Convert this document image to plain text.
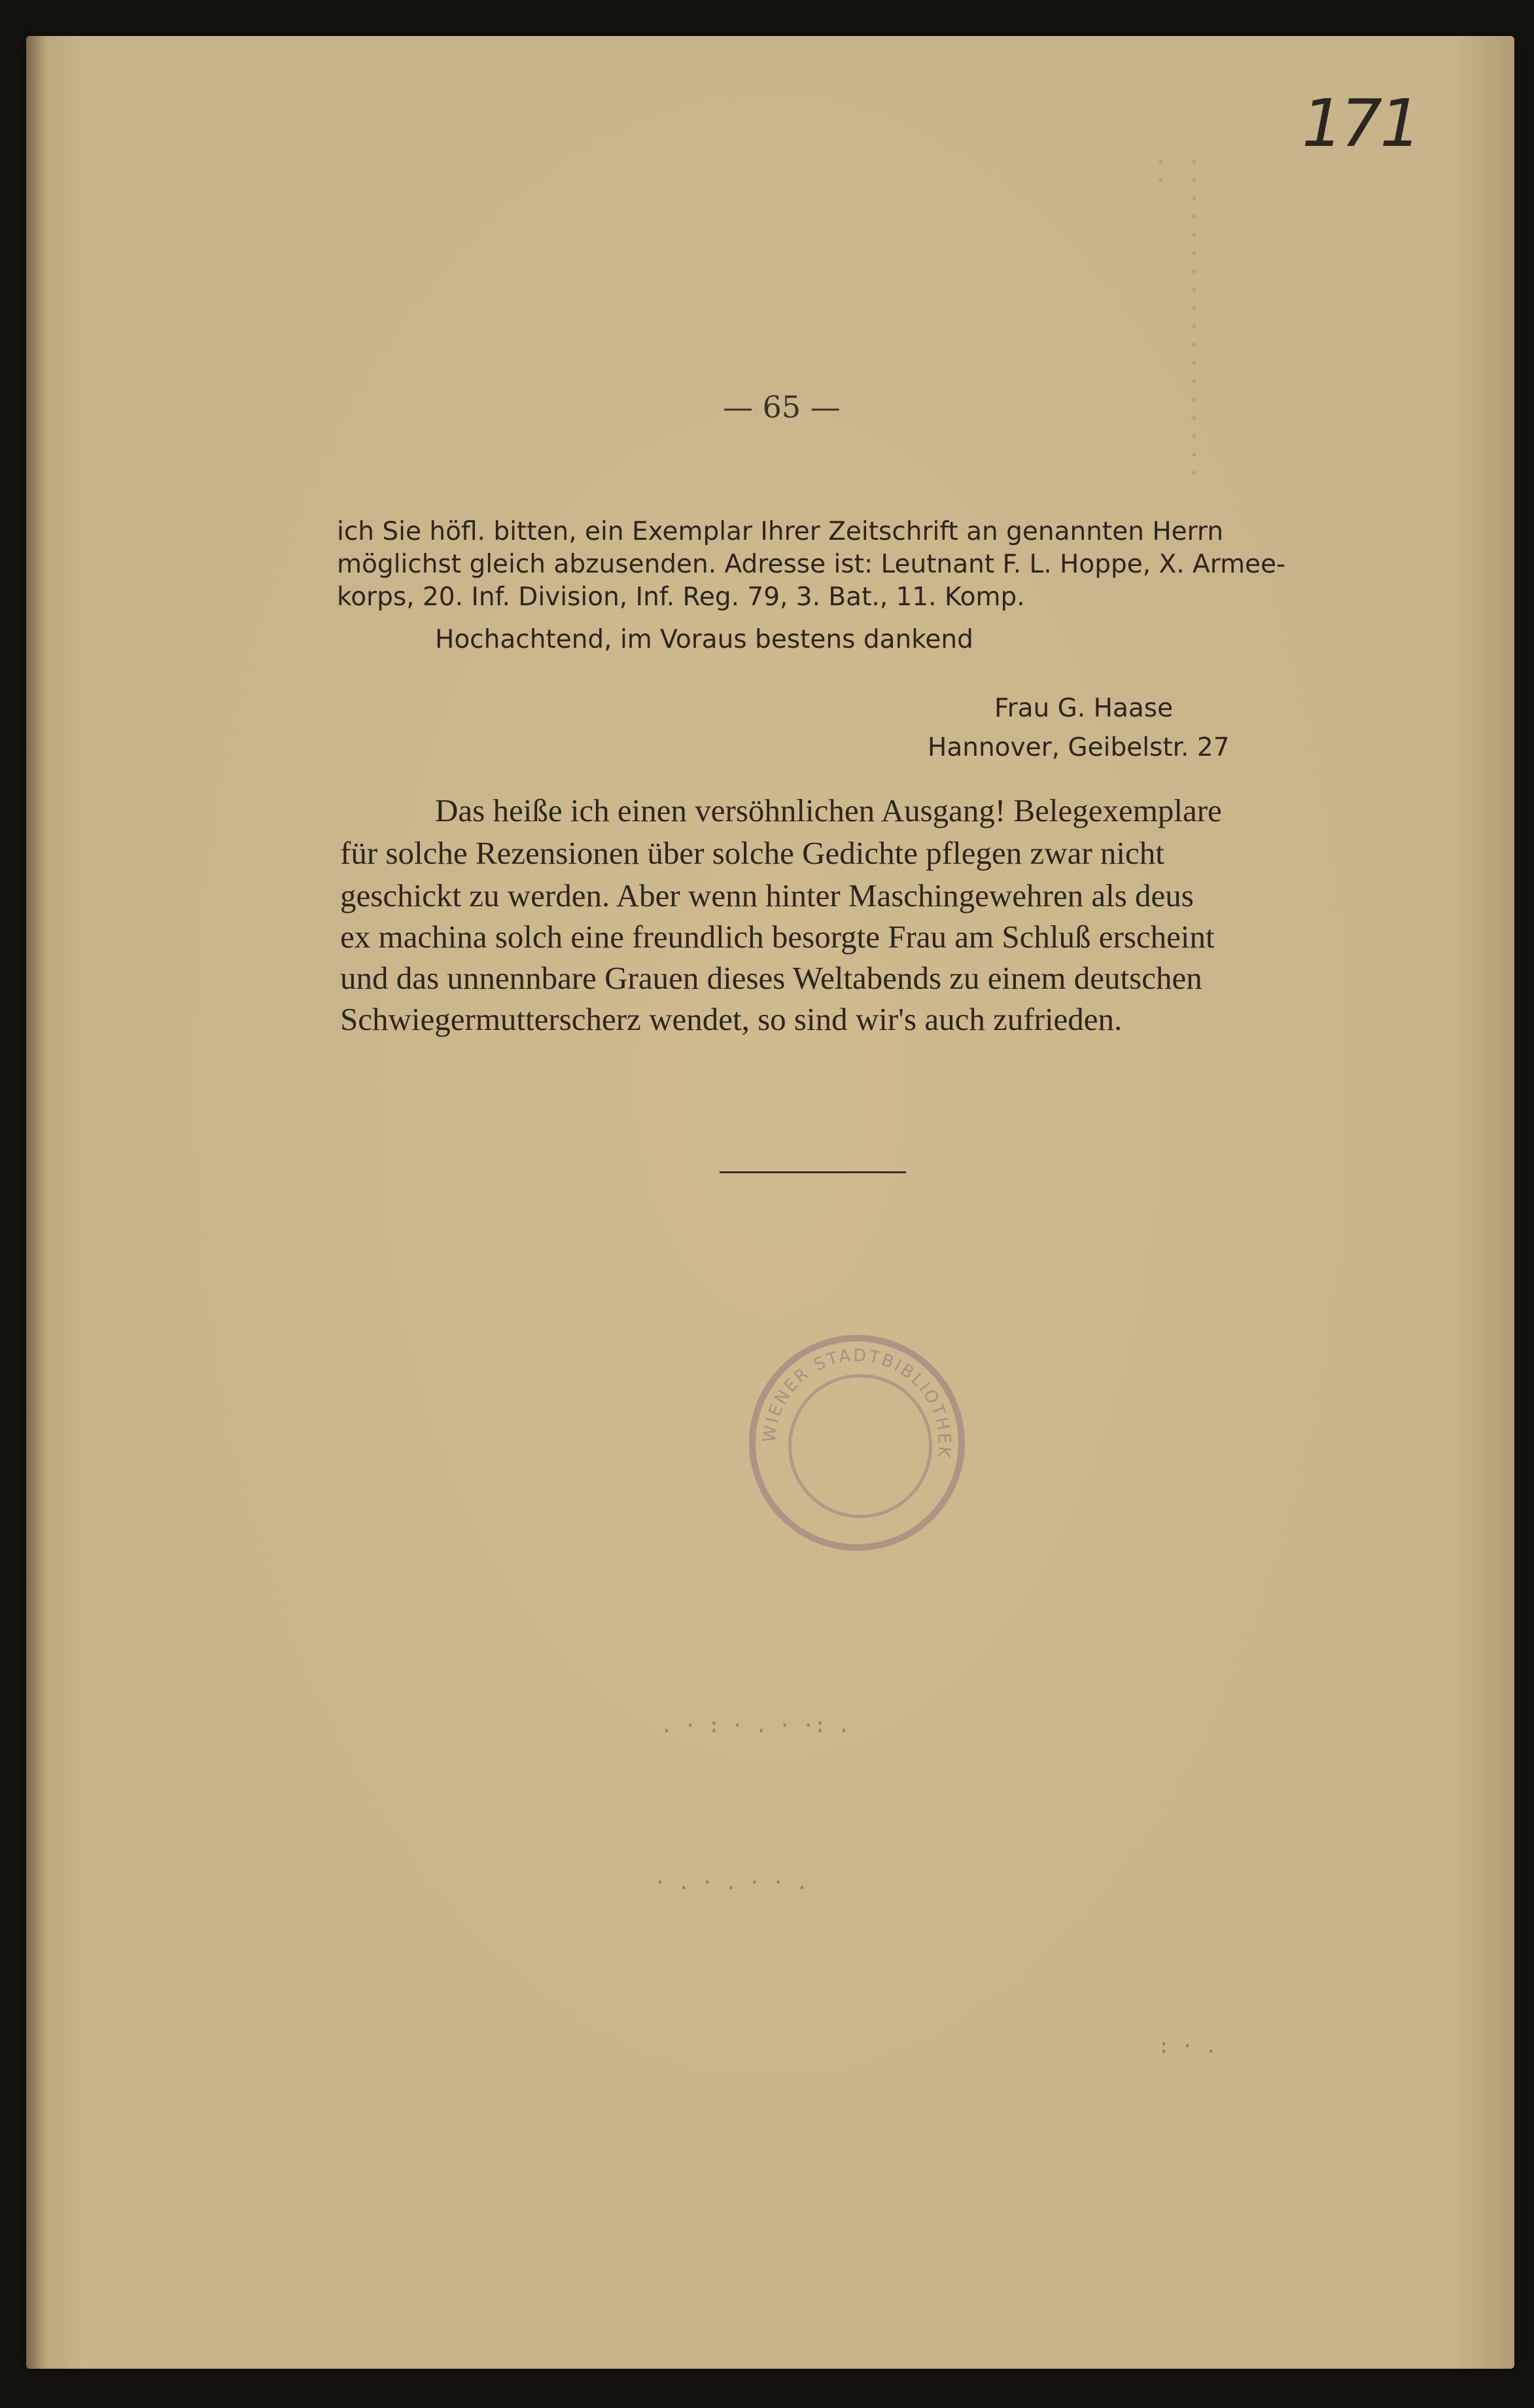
· · · · · · · · · · · · · · · · · · · ·
171
— 65 —
ich Sie höfl. bitten, ein Exemplar Ihrer Zeitschrift an genannten Herrn
möglichst gleich abzusenden. Adresse ist: Leutnant F. L. Hoppe, X. Armee-
korps, 20. Inf. Division, Inf. Reg. 79, 3. Bat., 11. Komp.
Hochachtend, im Voraus bestens dankend
Frau G. Haase
Hannover, Geibelstr. 27
Das heiße ich einen versöhnlichen Ausgang! Belegexemplare
für solche Rezensionen über solche Gedichte pflegen zwar nicht
geschickt zu werden. Aber wenn hinter Maschingewehren als deus
ex machina solch eine freundlich besorgte Frau am Schluß erscheint
und das unnennbare Grauen dieses Weltabends zu einem deutschen
Schwiegermutterscherz wendet, so sind wir's auch zufrieden.
WIENER STADTBIBLIOTHEK
. · : · . · ·: .
· . · . · · .
: · .
